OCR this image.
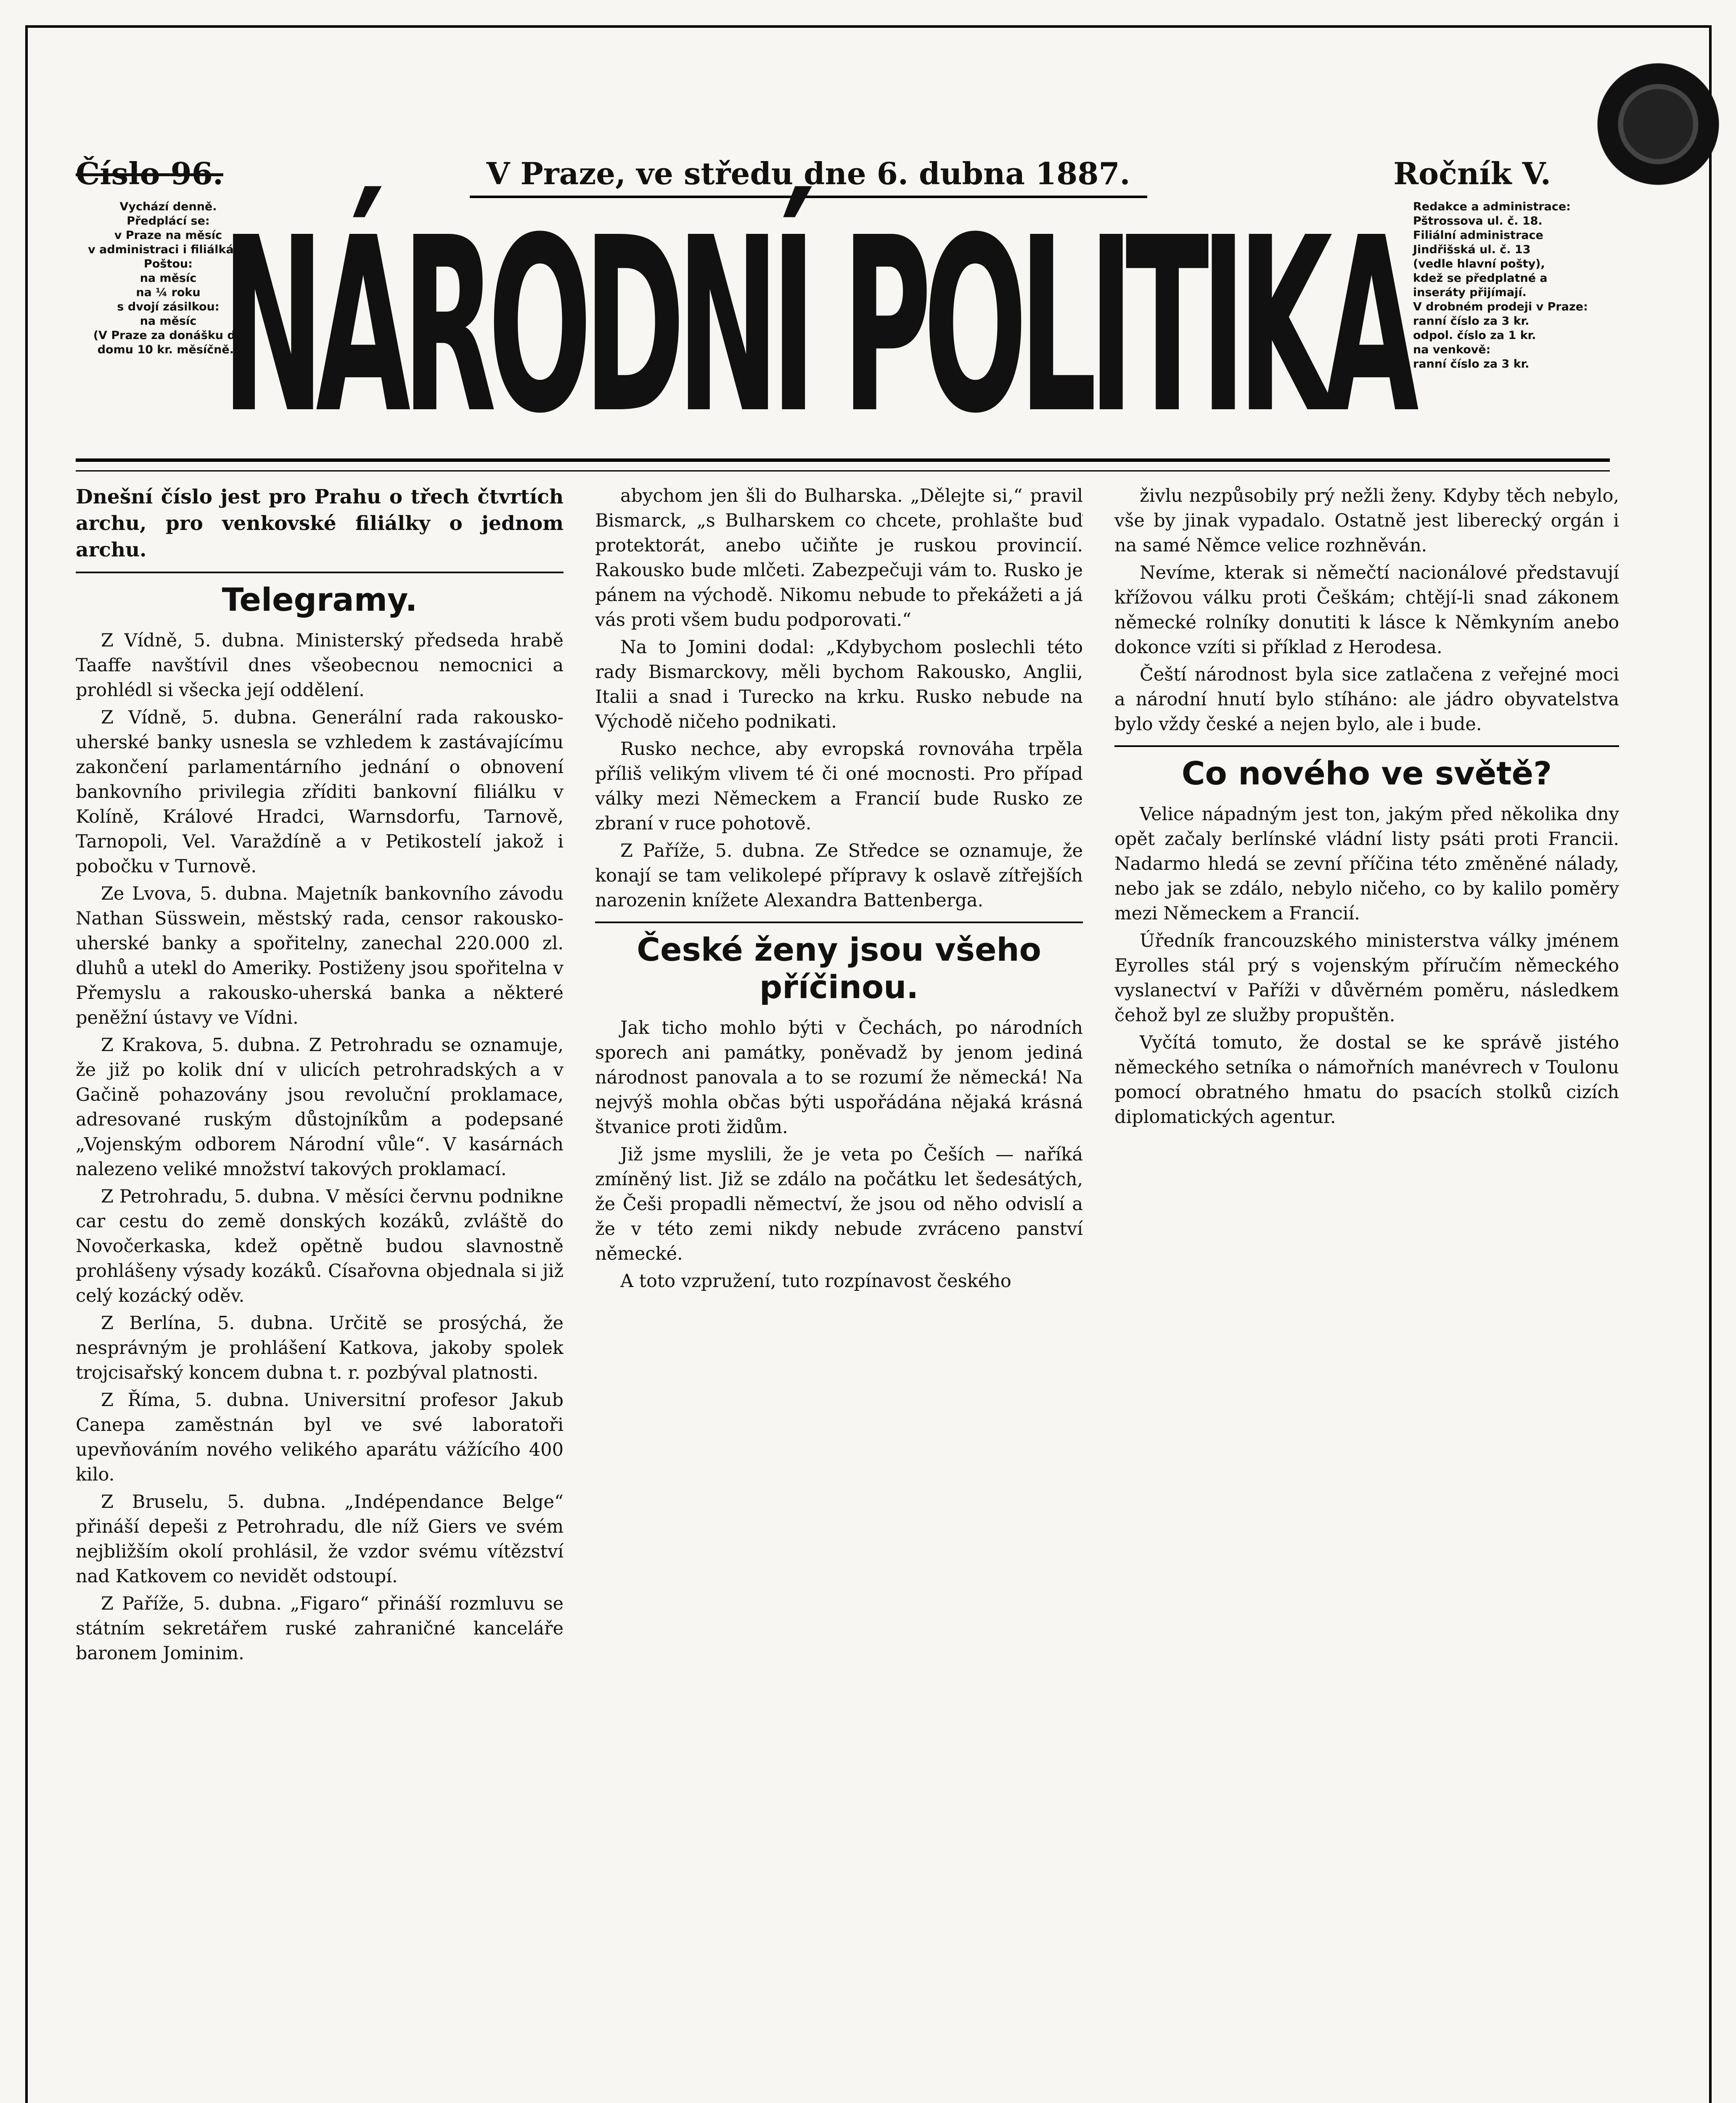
Číslo 96.	V Praze, ve středu dne 6. dubna 1887.	Ročník V.

Vychází denně.

Předplácí se:

v Praze na měsíc

v administraci i filiálkách

Poštou:

na měsíc

na ¼ roku

s dvojí zásilkou:

na měsíc

(V Praze za donášku do domu 10 kr. měsíčně.)

NÁRODNÍ POLITIKA Redakce a administrace:

Pštrossova ul. č. 18.

Filiální administrace Jindřišská ul. č. 13

(vedle hlavní pošty),

kdež se předplatné a inseráty přijímají.

V drobném prodeji v Praze:

ranní číslo za 3 kr.

odpol. číslo za 1 kr.

na venkově:

ranní číslo za 3 kr.

Dnešní číslo jest pro Prahu o třech čtvrtích archu, pro venkovské filiálky o jednom archu.

Telegramy.

Z Vídně, 5. dubna. Ministerský předseda hrabě Taaffe navštívil dnes všeobecnou nemocnici a prohlédl si všecka její oddělení.

Z Vídně, 5. dubna. Generální rada rakousko-uherské banky usnesla se vzhledem k zastávajícímu zakončení parlamentárního jednání o obnovení bankovního privilegia zříditi bankovní filiálku v Kolíně, Králové Hradci, Warnsdorfu, Tarnově, Tarnopoli, Vel. Varaždíně a v Petikostelí jakož i pobočku v Turnově.

Ze Lvova, 5. dubna. Majetník bankovního závodu Nathan Süsswein, městský rada, censor rakousko-uherské banky a spořitelny, zanechal 220.000 zl. dluhů a utekl do Ameriky. Postiženy jsou spořitelna v Přemyslu a rakousko-uherská banka a některé peněžní ústavy ve Vídni.

Z Krakova, 5. dubna. Z Petrohradu se oznamuje, že již po kolik dní v ulicích petrohradských a v Gačině pohazovány jsou revoluční proklamace, adresované ruským důstojníkům a podepsané „Vojenským odborem Národní vůle“. V kasárnách nalezeno veliké množství takových proklamací.

Z Petrohradu, 5. dubna. V měsíci červnu podnikne car cestu do země donských kozáků, zvláště do Novočerkaska, kdež opětně budou slavnostně prohlášeny výsady kozáků. Císařovna objednala si již celý kozácký oděv.

Z Berlína, 5. dubna. Určitě se prosýchá, že nesprávným je prohlášení Katkova, jakoby spolek trojcisařský koncem dubna t. r. pozbýval platnosti.

Z Říma, 5. dubna. Universitní profesor Jakub Canepa zaměstnán byl ve své laboratoři upevňováním nového velikého aparátu vážícího 400 kilo.

Z Bruselu, 5. dubna. „Indépendance Belge“ přináší depeši z Petrohradu, dle níž Giers ve svém nejbližším okolí prohlásil, že vzdor svému vítězství nad Katkovem co nevidět odstoupí.

Z Paříže, 5. dubna. „Figaro“ přináší rozmluvu se státním sekretářem ruské zahraničné kanceláře baronem Jominim.

abychom jen šli do Bulharska. „Dělejte si,“ pravil Bismarck, „s Bulharskem co chcete, prohlašte buď protektorát, anebo učiňte je ruskou provincií. Rakousko bude mlčeti. Zabezpečuji vám to. Rusko je pánem na východě. Nikomu nebude to překážeti a já vás proti všem budu podporovati.“

Na to Jomini dodal: „Kdybychom poslechli této rady Bismarckovy, měli bychom Rakousko, Anglii, Italii a snad i Turecko na krku. Rusko nebude na Východě ničeho podnikati.

Rusko nechce, aby evropská rovnováha trpěla příliš velikým vlivem té či oné mocnosti. Pro případ války mezi Německem a Francií bude Rusko ze zbraní v ruce pohotově.

Z Paříže, 5. dubna. Ze Středce se oznamuje, že konají se tam velikolepé přípravy k oslavě zítřejších narozenin knížete Alexandra Battenberga.

České ženy jsou všeho příčinou.

Jak ticho mohlo býti v Čechách, po národních sporech ani památky, poněvadž by jenom jediná národnost panovala a to se rozumí že německá! Na nejvýš mohla občas býti uspořádána nějaká krásná štvanice proti židům.

Již jsme myslili, že je veta po Češích — naříká zmíněný list. Již se zdálo na počátku let šedesátých, že Češi propadli němectví, že jsou od něho odvislí a že v této zemi nikdy nebude zvráceno panství německé.

A toto vzpružení, tuto rozpínavost českého

živlu nezpůsobily prý nežli ženy. Kdyby těch nebylo, vše by jinak vypadalo. Ostatně jest liberecký orgán i na samé Němce velice rozhněván.

Nevíme, kterak si němečtí nacionálové představují křížovou válku proti Češkám; chtějí-li snad zákonem německé rolníky donutiti k lásce k Němkyním anebo dokonce vzíti si příklad z Herodesa.

Čeští národnost byla sice zatlačena z veřejné moci a národní hnutí bylo stíháno: ale jádro obyvatelstva bylo vždy české a nejen bylo, ale i bude.

Co nového ve světě?

Velice nápadným jest ton, jakým před několika dny opět začaly berlínské vládní listy psáti proti Francii. Nadarmo hledá se zevní příčina této změněné nálady, nebo jak se zdálo, nebylo ničeho, co by kalilo poměry mezi Německem a Francií.

Úředník francouzského ministerstva války jménem Eyrolles stál prý s vojenským příručím německého vyslanectví v Paříži v důvěrném poměru, následkem čehož byl ze služby propuštěn.

Vyčítá tomuto, že dostal se ke správě jistého německého setníka o námořních manévrech v Toulonu pomocí obratného hmatu do psacích stolků cizích diplomatických agentur.
